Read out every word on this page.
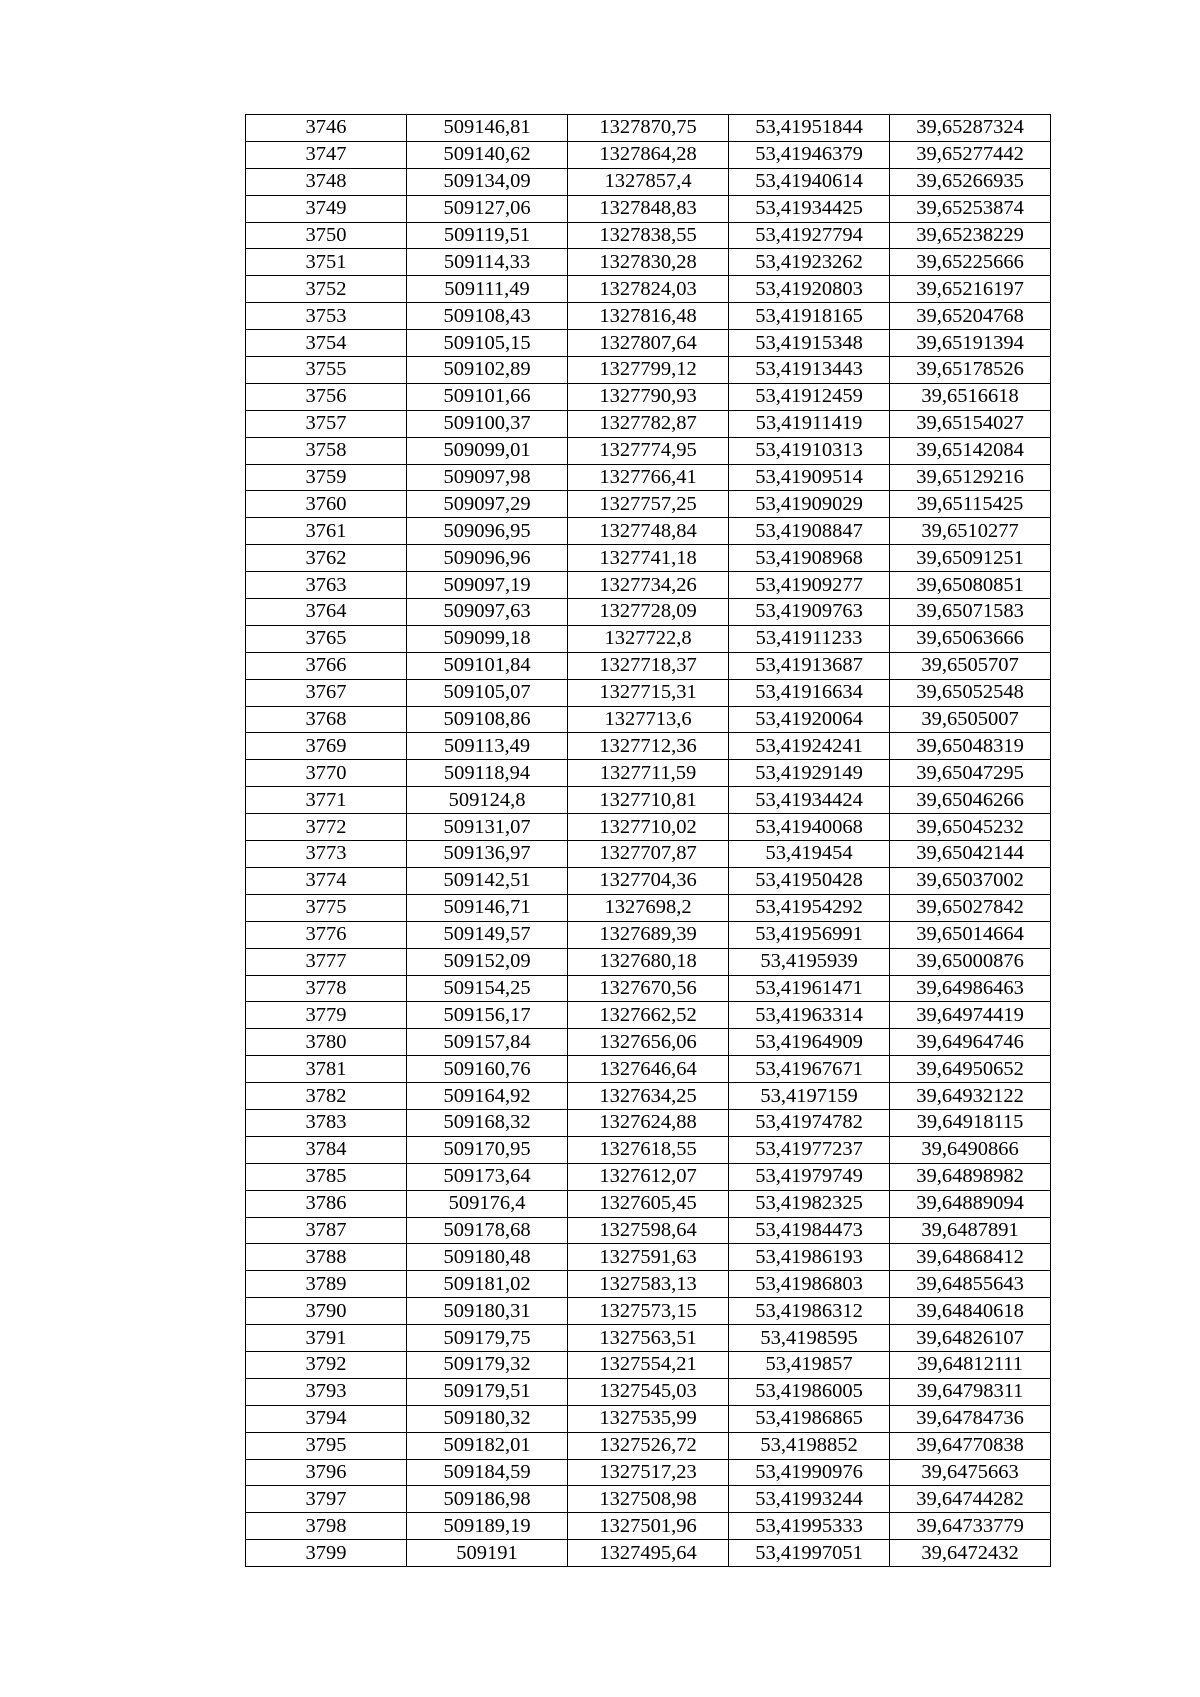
3746	509146,81	1327870,75	53,41951844	39,65287324
3747	509140,62	1327864,28	53,41946379	39,65277442
3748	509134,09	1327857,4	53,41940614	39,65266935
3749	509127,06	1327848,83	53,41934425	39,65253874
3750	509119,51	1327838,55	53,41927794	39,65238229
3751	509114,33	1327830,28	53,41923262	39,65225666
3752	509111,49	1327824,03	53,41920803	39,65216197
3753	509108,43	1327816,48	53,41918165	39,65204768
3754	509105,15	1327807,64	53,41915348	39,65191394
3755	509102,89	1327799,12	53,41913443	39,65178526
3756	509101,66	1327790,93	53,41912459	39,6516618
3757	509100,37	1327782,87	53,41911419	39,65154027
3758	509099,01	1327774,95	53,41910313	39,65142084
3759	509097,98	1327766,41	53,41909514	39,65129216
3760	509097,29	1327757,25	53,41909029	39,65115425
3761	509096,95	1327748,84	53,41908847	39,6510277
3762	509096,96	1327741,18	53,41908968	39,65091251
3763	509097,19	1327734,26	53,41909277	39,65080851
3764	509097,63	1327728,09	53,41909763	39,65071583
3765	509099,18	1327722,8	53,41911233	39,65063666
3766	509101,84	1327718,37	53,41913687	39,6505707
3767	509105,07	1327715,31	53,41916634	39,65052548
3768	509108,86	1327713,6	53,41920064	39,6505007
3769	509113,49	1327712,36	53,41924241	39,65048319
3770	509118,94	1327711,59	53,41929149	39,65047295
3771	509124,8	1327710,81	53,41934424	39,65046266
3772	509131,07	1327710,02	53,41940068	39,65045232
3773	509136,97	1327707,87	53,419454	39,65042144
3774	509142,51	1327704,36	53,41950428	39,65037002
3775	509146,71	1327698,2	53,41954292	39,65027842
3776	509149,57	1327689,39	53,41956991	39,65014664
3777	509152,09	1327680,18	53,4195939	39,65000876
3778	509154,25	1327670,56	53,41961471	39,64986463
3779	509156,17	1327662,52	53,41963314	39,64974419
3780	509157,84	1327656,06	53,41964909	39,64964746
3781	509160,76	1327646,64	53,41967671	39,64950652
3782	509164,92	1327634,25	53,4197159	39,64932122
3783	509168,32	1327624,88	53,41974782	39,64918115
3784	509170,95	1327618,55	53,41977237	39,6490866
3785	509173,64	1327612,07	53,41979749	39,64898982
3786	509176,4	1327605,45	53,41982325	39,64889094
3787	509178,68	1327598,64	53,41984473	39,6487891
3788	509180,48	1327591,63	53,41986193	39,64868412
3789	509181,02	1327583,13	53,41986803	39,64855643
3790	509180,31	1327573,15	53,41986312	39,64840618
3791	509179,75	1327563,51	53,4198595	39,64826107
3792	509179,32	1327554,21	53,419857	39,64812111
3793	509179,51	1327545,03	53,41986005	39,64798311
3794	509180,32	1327535,99	53,41986865	39,64784736
3795	509182,01	1327526,72	53,4198852	39,64770838
3796	509184,59	1327517,23	53,41990976	39,6475663
3797	509186,98	1327508,98	53,41993244	39,64744282
3798	509189,19	1327501,96	53,41995333	39,64733779
3799	509191	1327495,64	53,41997051	39,6472432
